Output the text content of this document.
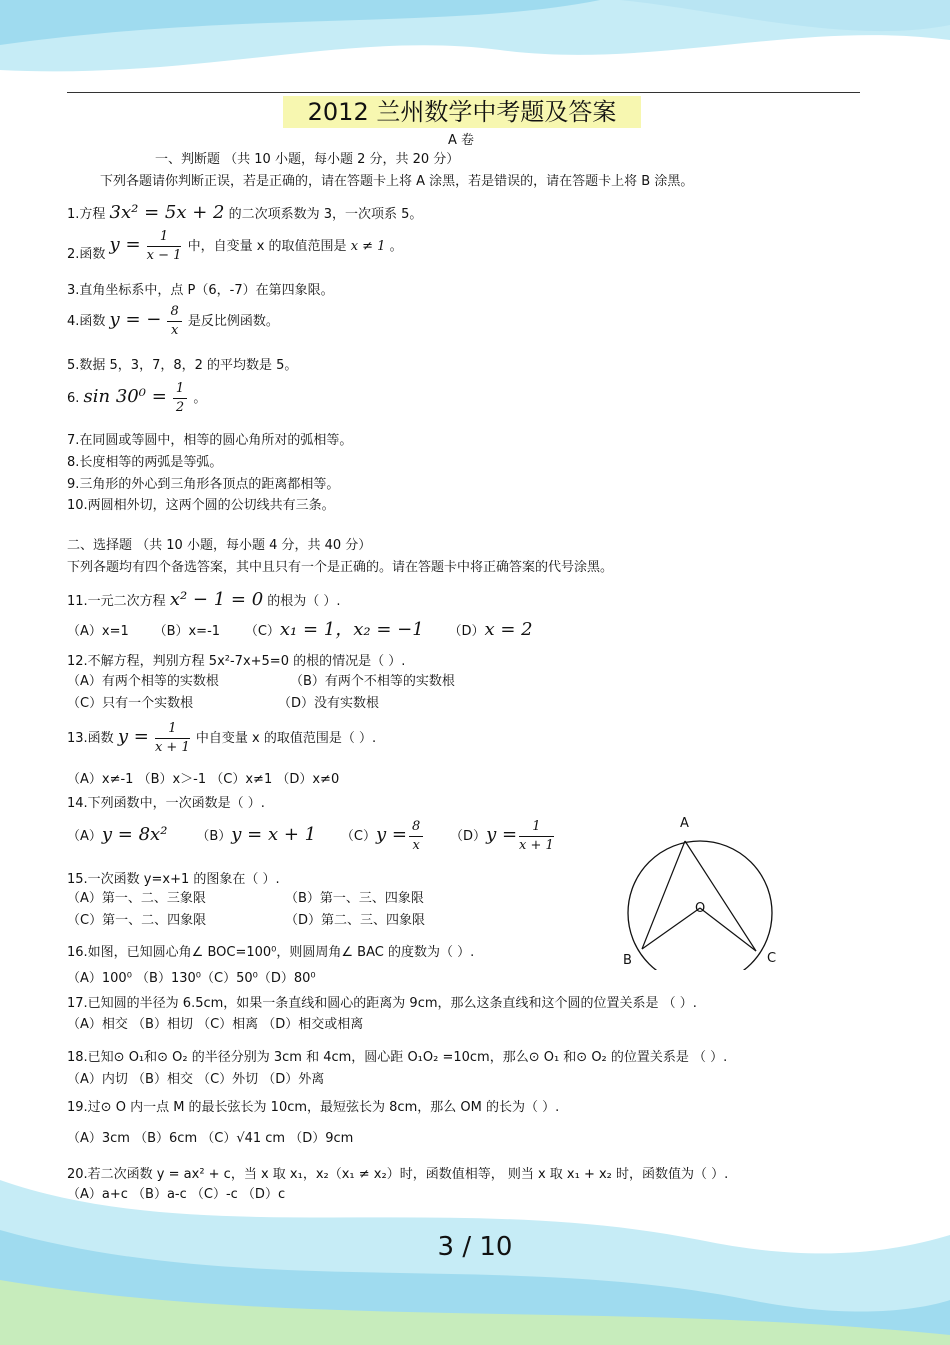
2012 兰州数学中考题及答案
A 卷
一、判断题 （共 10 小题，每小题 2 分，共 20 分）
下列各题请你判断正误，若是正确的，请在答题卡上将 A 涂黑，若是错误的，请在答题卡上将 B 涂黑。
1.方程 3x² = 5x + 2 的二次项系数为 3，一次项系 5。
2.函数 $y = \frac{1}{x - 1}$ 中，自变量 x 的取值范围是 x ≠ 1 。
3.直角坐标系中，点 P（6，-7）在第四象限。
4.函数 y = − $\frac{8}{x}$ 是反比例函数。
5.数据 5，3，7，8，2 的平均数是 5。
6. $\sin 30^0 = \frac{1}{2}$ 。
7.在同圆或等圆中，相等的圆心角所对的弧相等。
8.长度相等的两弧是等弧。
9.三角形的外心到三角形各顶点的距离都相等。
10.两圆相外切，这两个圆的公切线共有三条。
二、选择题 （共 10 小题，每小题 4 分，共 40 分）
下列各题均有四个备选答案，其中且只有一个是正确的。请在答题卡中将正确答案的代号涂黑。
11.一元二次方程 x² − 1 = 0 的根为（ ）.
（A）x=1 （B）x=-1 （C）x₁ = 1，x₂ = −1 （D）x = 2
12.不解方程，判别方程 5x²-7x+5=0 的根的情况是（ ）.
（A）有两个相等的实数根	（B）有两个不相等的实数根
（C）只有一个实数根	（D）没有实数根
13.函数 $y = \frac{1}{x + 1}$ 中自变量 x 的取值范围是（ ）.
（A）x≠-1 （B）x＞-1 （C）x≠1 （D）x≠0
14.下列函数中，一次函数是（ ）.
（A）y = 8x² （B）y = x + 1 $(C)y = \frac{8}{x} (D)y = \frac{1}{x + 1}$
15.一次函数 y=x+1 的图象在（ ）.
（A）第一、二、三象限	（B）第一、三、四象限
（C）第一、二、四象限	（D）第二、三、四象限
16.如图，已知圆心角∠ BOC=100⁰，则圆周角∠ BAC 的度数为（ ）.
（A）100⁰ （B）130⁰（C）50⁰（D）80⁰
17.已知圆的半径为 6.5cm，如果一条直线和圆心的距离为 9cm，那么这条直线和这个圆的位置关系是 （ ）.
（A）相交 （B）相切 （C）相离 （D）相交或相离
18.已知⊙ O₁和⊙ O₂ 的半径分别为 3cm 和 4cm，圆心距 O₁O₂ =10cm，那么⊙ O₁ 和⊙ O₂ 的位置关系是 （ ）.
（A）内切 （B）相交 （C）外切 （D）外离
19.过⊙ O 内一点 M 的最长弦长为 10cm，最短弦长为 8cm，那么 OM 的长为（ ）.
（A）3cm （B）6cm （C）√41 cm （D）9cm
20.若二次函数 y = ax² + c，当 x 取 x₁，x₂（x₁ ≠ x₂）时，函数值相等， 则当 x 取 x₁ + x₂ 时，函数值为（ ）.
（A）a+c （B）a-c （C）-c （D）c
A
B	C
O
3 / 10
